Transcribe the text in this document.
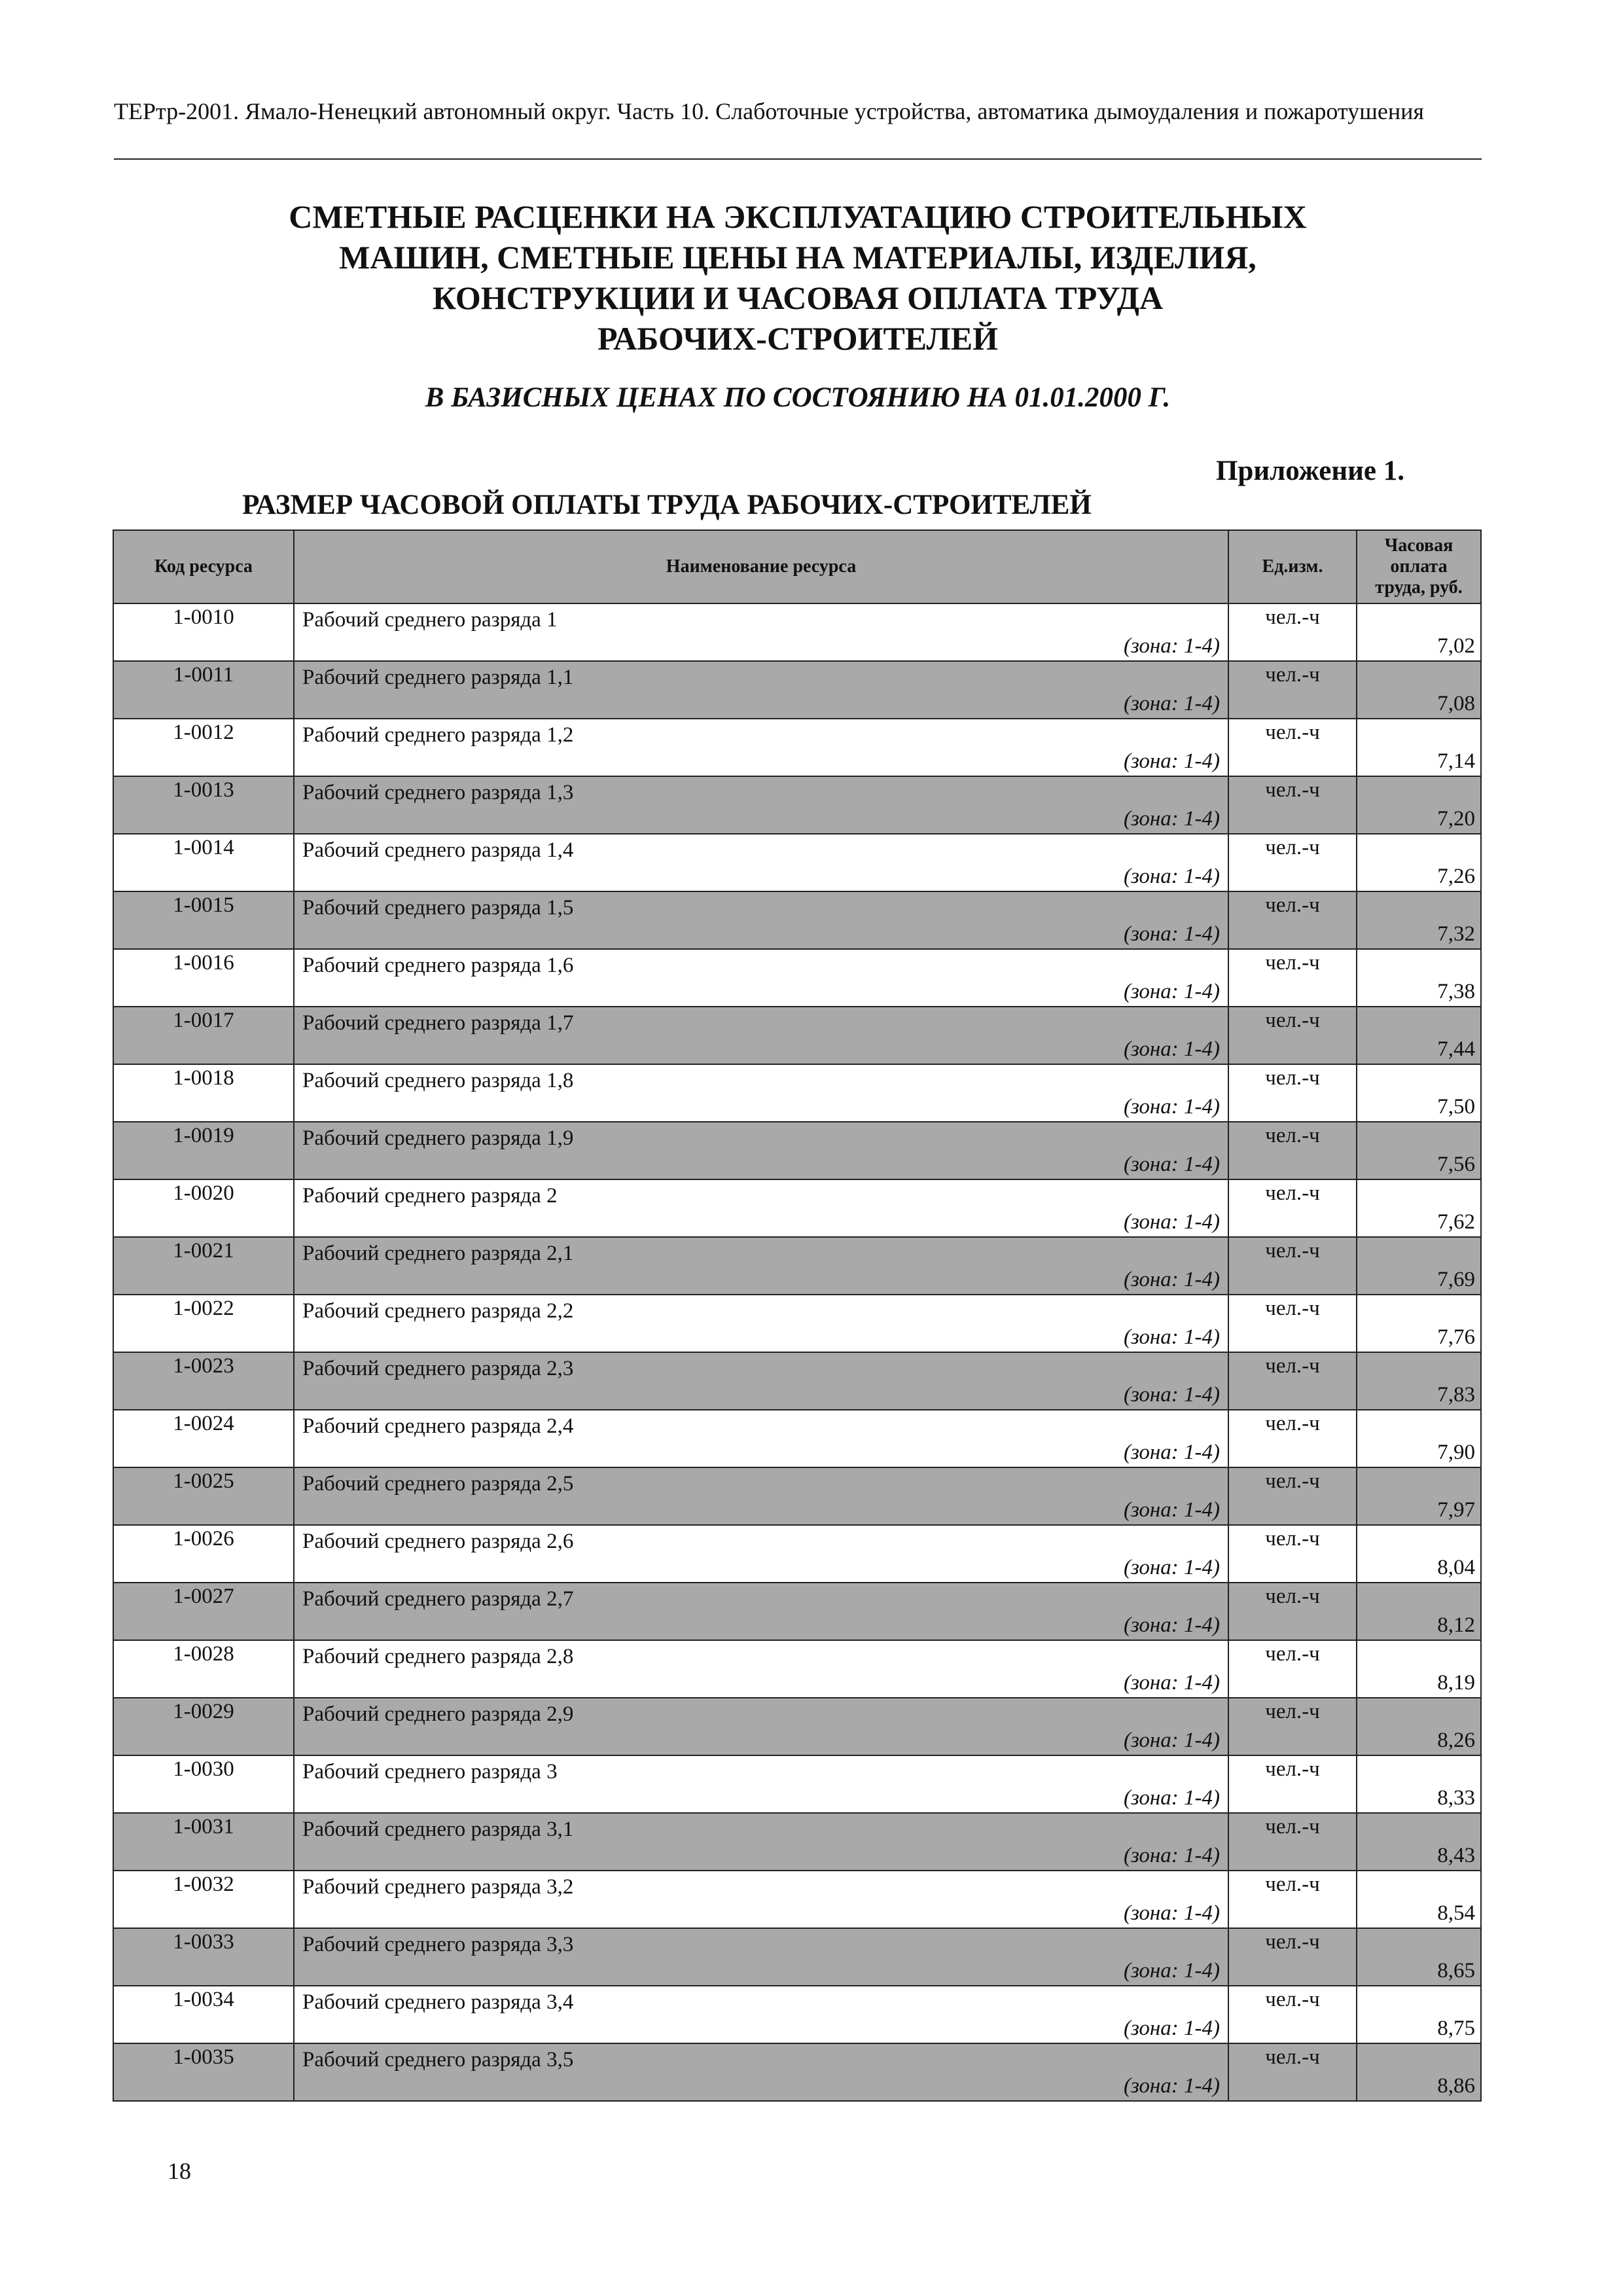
ТЕРтр-2001. Ямало-Ненецкий автономный округ. Часть 10. Слаботочные устройства, автоматика дымоудаления и пожаротушения
СМЕТНЫЕ РАСЦЕНКИ НА ЭКСПЛУАТАЦИЮ СТРОИТЕЛЬНЫХ
МАШИН, СМЕТНЫЕ ЦЕНЫ НА МАТЕРИАЛЫ, ИЗДЕЛИЯ,
КОНСТРУКЦИИ И ЧАСОВАЯ ОПЛАТА ТРУДА
РАБОЧИХ-СТРОИТЕЛЕЙ
В БАЗИСНЫХ ЦЕНАХ ПО СОСТОЯНИЮ НА 01.01.2000 Г.
Приложение 1.
РАЗМЕР ЧАСОВОЙ ОПЛАТЫ ТРУДА РАБОЧИХ-СТРОИТЕЛЕЙ
Код ресурса	Наименование ресурса	Ед.изм.	Часовая
оплата
труда, руб.

1-0010	Рабочий среднего разряда 1
(зона: 1-4)	чел.-ч	7,02

1-0011	Рабочий среднего разряда 1,1
(зона: 1-4)	чел.-ч	7,08

1-0012	Рабочий среднего разряда 1,2
(зона: 1-4)	чел.-ч	7,14

1-0013	Рабочий среднего разряда 1,3
(зона: 1-4)	чел.-ч	7,20

1-0014	Рабочий среднего разряда 1,4
(зона: 1-4)	чел.-ч	7,26

1-0015	Рабочий среднего разряда 1,5
(зона: 1-4)	чел.-ч	7,32

1-0016	Рабочий среднего разряда 1,6
(зона: 1-4)	чел.-ч	7,38

1-0017	Рабочий среднего разряда 1,7
(зона: 1-4)	чел.-ч	7,44

1-0018	Рабочий среднего разряда 1,8
(зона: 1-4)	чел.-ч	7,50

1-0019	Рабочий среднего разряда 1,9
(зона: 1-4)	чел.-ч	7,56

1-0020	Рабочий среднего разряда 2
(зона: 1-4)	чел.-ч	7,62

1-0021	Рабочий среднего разряда 2,1
(зона: 1-4)	чел.-ч	7,69

1-0022	Рабочий среднего разряда 2,2
(зона: 1-4)	чел.-ч	7,76

1-0023	Рабочий среднего разряда 2,3
(зона: 1-4)	чел.-ч	7,83

1-0024	Рабочий среднего разряда 2,4
(зона: 1-4)	чел.-ч	7,90

1-0025	Рабочий среднего разряда 2,5
(зона: 1-4)	чел.-ч	7,97

1-0026	Рабочий среднего разряда 2,6
(зона: 1-4)	чел.-ч	8,04

1-0027	Рабочий среднего разряда 2,7
(зона: 1-4)	чел.-ч	8,12

1-0028	Рабочий среднего разряда 2,8
(зона: 1-4)	чел.-ч	8,19

1-0029	Рабочий среднего разряда 2,9
(зона: 1-4)	чел.-ч	8,26

1-0030	Рабочий среднего разряда 3
(зона: 1-4)	чел.-ч	8,33

1-0031	Рабочий среднего разряда 3,1
(зона: 1-4)	чел.-ч	8,43

1-0032	Рабочий среднего разряда 3,2
(зона: 1-4)	чел.-ч	8,54

1-0033	Рабочий среднего разряда 3,3
(зона: 1-4)	чел.-ч	8,65

1-0034	Рабочий среднего разряда 3,4
(зона: 1-4)	чел.-ч	8,75

1-0035	Рабочий среднего разряда 3,5
(зона: 1-4)	чел.-ч	8,86
18
